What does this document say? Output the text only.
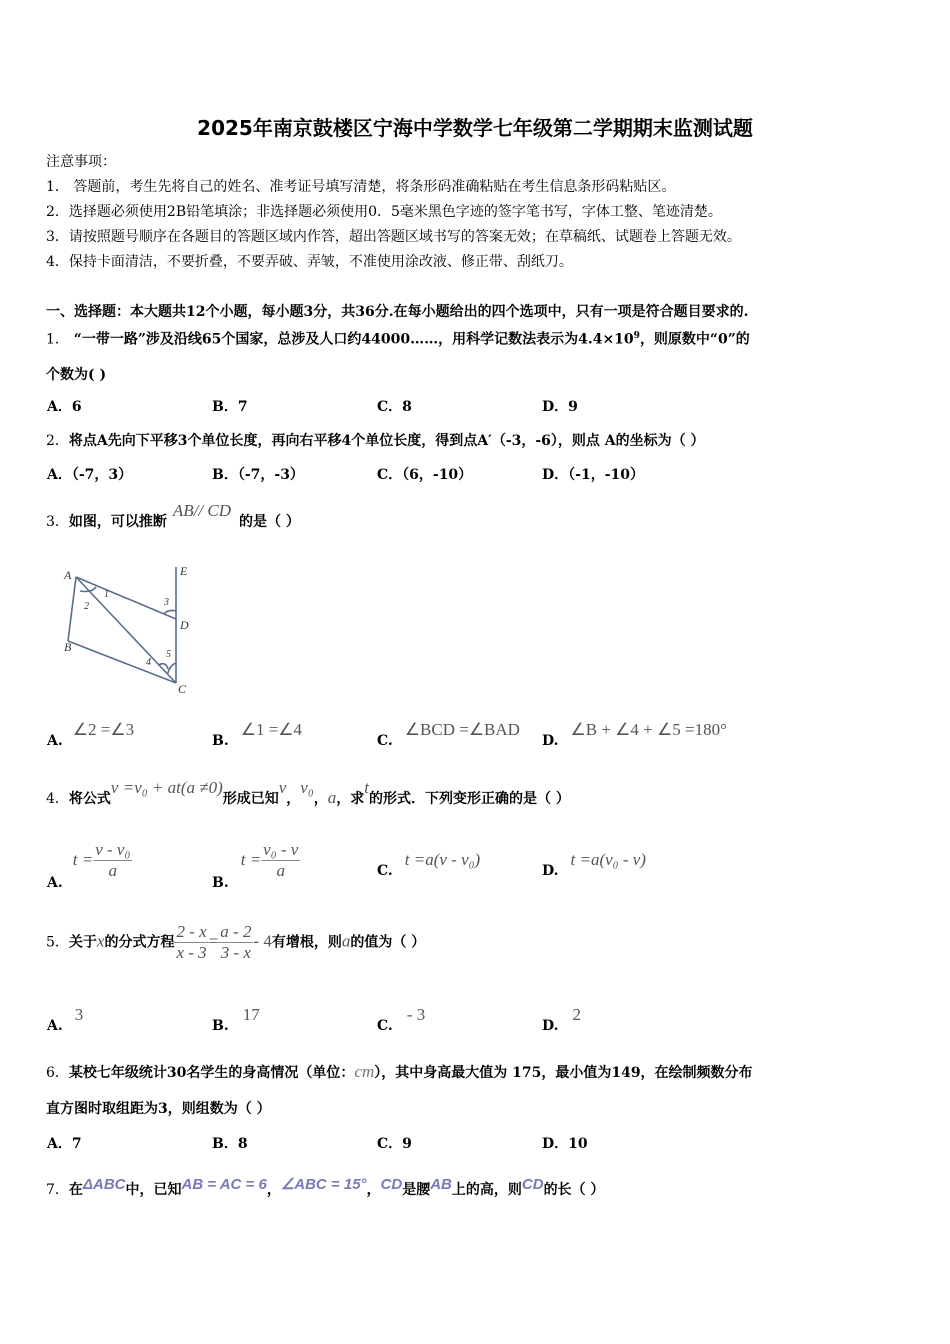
2025年南京鼓楼区宁海中学数学七年级第二学期期末监测试题
注意事项：
1． 答题前，考生先将自己的姓名、准考证号填写清楚，将条形码准确粘贴在考生信息条形码粘贴区。
2．选择题必须使用2B铅笔填涂；非选择题必须使用0．5毫米黑色字迹的签字笔书写，字体工整、笔迹清楚。
3．请按照题号顺序在各题目的答题区域内作答，超出答题区域书写的答案无效；在草稿纸、试题卷上答题无效。
4．保持卡面清洁，不要折叠，不要弄破、弄皱，不准使用涂改液、修正带、刮纸刀。
一、选择题：本大题共12个小题，每小题3分，共36分.在每小题给出的四个选项中，只有一项是符合题目要求的.
1． “一带一路”涉及沿线65个国家，总涉及人口约44000……，用科学记数法表示为$4.4\times 10^9$，则原数中“0”的
个数为( )
A．6	B．7	C．8	D．9
2．将点A先向下平移3个单位长度，再向右平移4个单位长度，得到点A′（-3，-6），则点 A的坐标为（ ）
A．（-7，3）	B．（-7，-3）	C．（6，-10）	D．（-1，-10）
3．如图，可以推断AB// CD的是（ ）
A	E
1
2	3
D
B
4
5
C
A.∠2 =∠3
B.∠1 =∠4
C.∠BCD =∠BAD
D.∠B + ∠4 + ∠5 =180°
4．将公式v =v₀ + at(a ≠0)形成已知v，v₀，a，求t的形式．下列变形正确的是（ ）
$A.t = \frac{\text{v - v₀}}{a}$
$B.t = \frac{\text{v₀ - v}}{a}$	C.t =a(v - v₀)
D.t =a(v₀ - v)
5．关于x的分式方程 $\frac{2 - x}{x - 3} = \frac{a - 2}{3 - x} - 4$有增根，则a的值为（ ）
A.3
B.17
C.- 3
D.2
6．某校七年级统计30名学生的身高情况（单位：cm），其中身高最大值为 175，最小值为149，在绘制频数分布
直方图时取组距为3，则组数为（ ）
A．7	B．8	C．9	D．10
7．在ΔABC中，已知AB = AC = 6，∠ABC = 15°，CD是腰AB上的高，则CD的长（ ）
